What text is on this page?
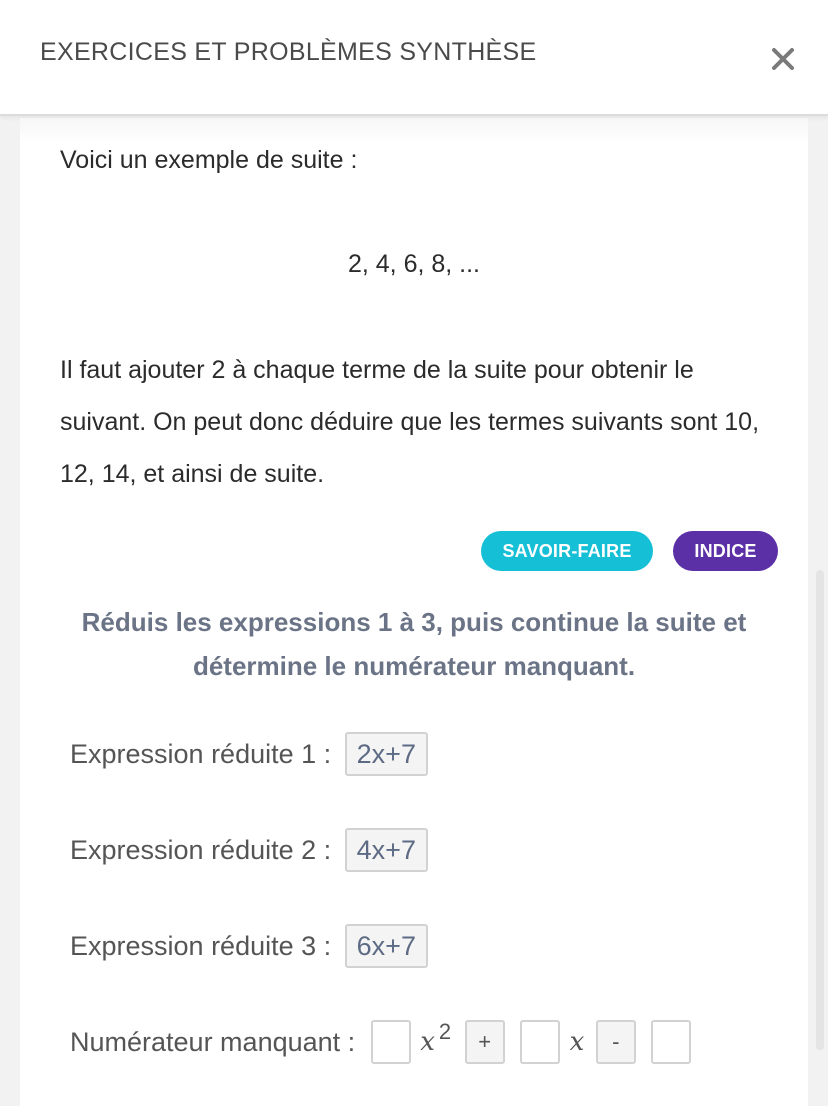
EXERCICES ET PROBLÈMES SYNTHÈSE
Voici un exemple de suite :
2, 4, 6, 8, ...
Il faut ajouter 2 à chaque terme de la suite pour obtenir le suivant. On peut donc déduire que les termes suivants sont 10, 12, 14, et ainsi de suite.
SAVOIR-FAIRE	INDICE
Réduis les expressions 1 à 3, puis continue la suite et détermine le numérateur manquant.
Expression réduite 1 : 2x+7
Expression réduite 2 : 4x+7
Expression réduite 3 : 6x+7
Numérateur manquant :	x 2 +	x -
